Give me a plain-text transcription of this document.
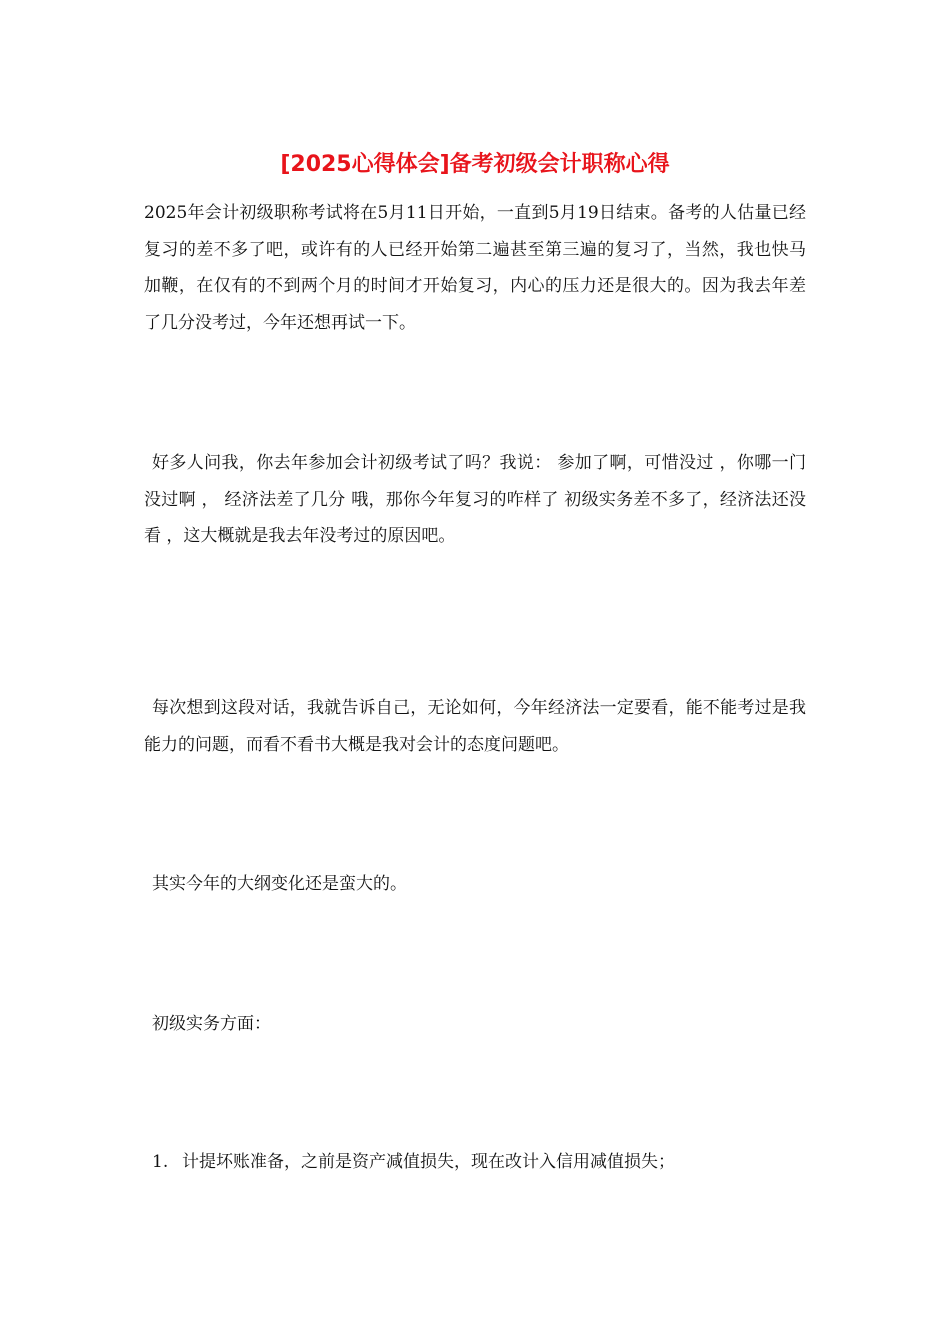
[2025心得体会]备考初级会计职称心得

2025年会计初级职称考试将在5月11日开始，一直到5月19日结束。备考的人估量已经复习的差不多了吧，或许有的人已经开始第二遍甚至第三遍的复习了，当然，我也快马加鞭，在仅有的不到两个月的时间才开始复习，内心的压力还是很大的。因为我去年差了几分没考过，今年还想再试一下。

好多人问我，你去年参加会计初级考试了吗？我说： 参加了啊，可惜没过 ，你哪一门没过啊 ， 经济法差了几分 哦，那你今年复习的咋样了 初级实务差不多了，经济法还没看 ，这大概就是我去年没考过的原因吧。

每次想到这段对话，我就告诉自己，无论如何，今年经济法一定要看，能不能考过是我能力的问题，而看不看书大概是我对会计的态度问题吧。

其实今年的大纲变化还是蛮大的。

初级实务方面：

1. 计提坏账准备，之前是资产减值损失，现在改计入信用减值损失；
